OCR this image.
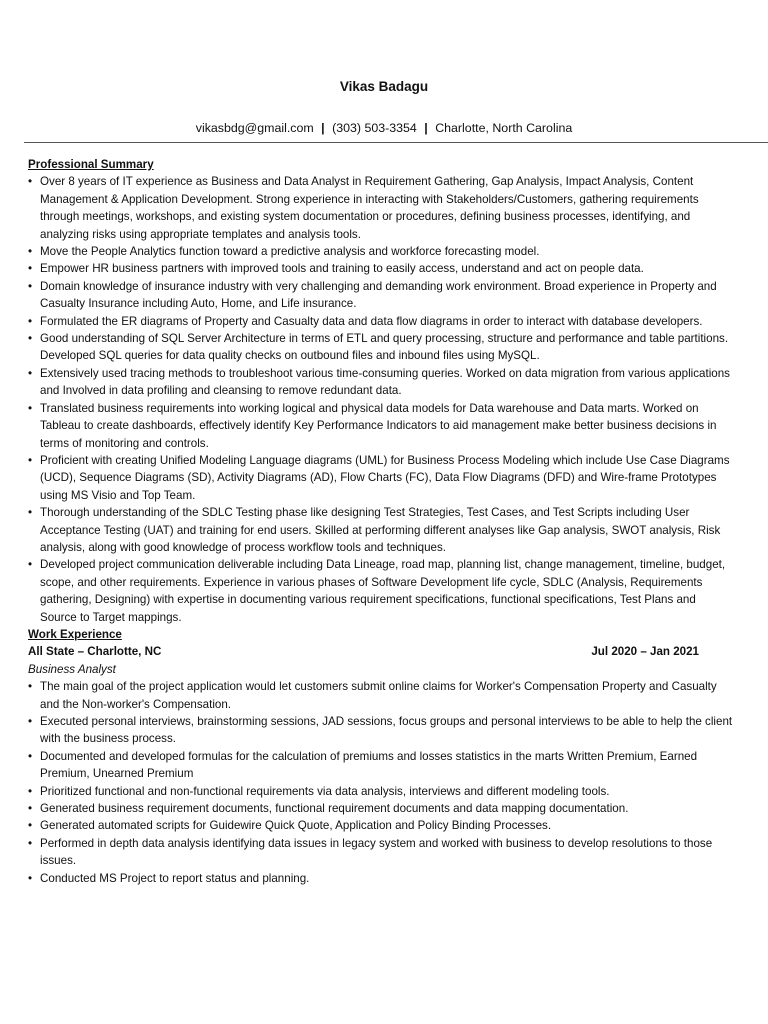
Vikas Badagu
vikasbdg@gmail.com | (303) 503-3354 | Charlotte, North Carolina
Professional Summary
• Over 8 years of IT experience as Business and Data Analyst in Requirement Gathering, Gap Analysis, Impact Analysis, Content Management & Application Development. Strong experience in interacting with Stakeholders/Customers, gathering requirements through meetings, workshops, and existing system documentation or procedures, defining business processes, identifying, and analyzing risks using appropriate templates and analysis tools.
• Move the People Analytics function toward a predictive analysis and workforce forecasting model.
• Empower HR business partners with improved tools and training to easily access, understand and act on people data.
• Domain knowledge of insurance industry with very challenging and demanding work environment. Broad experience in Property and Casualty Insurance including Auto, Home, and Life insurance.
• Formulated the ER diagrams of Property and Casualty data and data flow diagrams in order to interact with database developers.
• Good understanding of SQL Server Architecture in terms of ETL and query processing, structure and performance and table partitions. Developed SQL queries for data quality checks on outbound files and inbound files using MySQL.
• Extensively used tracing methods to troubleshoot various time-consuming queries. Worked on data migration from various applications and Involved in data profiling and cleansing to remove redundant data.
• Translated business requirements into working logical and physical data models for Data warehouse and Data marts. Worked on Tableau to create dashboards, effectively identify Key Performance Indicators to aid management make better business decisions in terms of monitoring and controls.
• Proficient with creating Unified Modeling Language diagrams (UML) for Business Process Modeling which include Use Case Diagrams (UCD), Sequence Diagrams (SD), Activity Diagrams (AD), Flow Charts (FC), Data Flow Diagrams (DFD) and Wire-frame Prototypes using MS Visio and Top Team.
• Thorough understanding of the SDLC Testing phase like designing Test Strategies, Test Cases, and Test Scripts including User Acceptance Testing (UAT) and training for end users. Skilled at performing different analyses like Gap analysis, SWOT analysis, Risk analysis, along with good knowledge of process workflow tools and techniques.
• Developed project communication deliverable including Data Lineage, road map, planning list, change management, timeline, budget, scope, and other requirements. Experience in various phases of Software Development life cycle, SDLC (Analysis, Requirements gathering, Designing) with expertise in documenting various requirement specifications, functional specifications, Test Plans and Source to Target mappings.
Work Experience
All State – Charlotte, NC	Jul 2020 – Jan 2021
Business Analyst
• The main goal of the project application would let customers submit online claims for Worker's Compensation Property and Casualty and the Non-worker's Compensation.
• Executed personal interviews, brainstorming sessions, JAD sessions, focus groups and personal interviews to be able to help the client with the business process.
• Documented and developed formulas for the calculation of premiums and losses statistics in the marts Written Premium, Earned Premium, Unearned Premium
• Prioritized functional and non-functional requirements via data analysis, interviews and different modeling tools.
• Generated business requirement documents, functional requirement documents and data mapping documentation.
• Generated automated scripts for Guidewire Quick Quote, Application and Policy Binding Processes.
• Performed in depth data analysis identifying data issues in legacy system and worked with business to develop resolutions to those issues.
• Conducted MS Project to report status and planning.
